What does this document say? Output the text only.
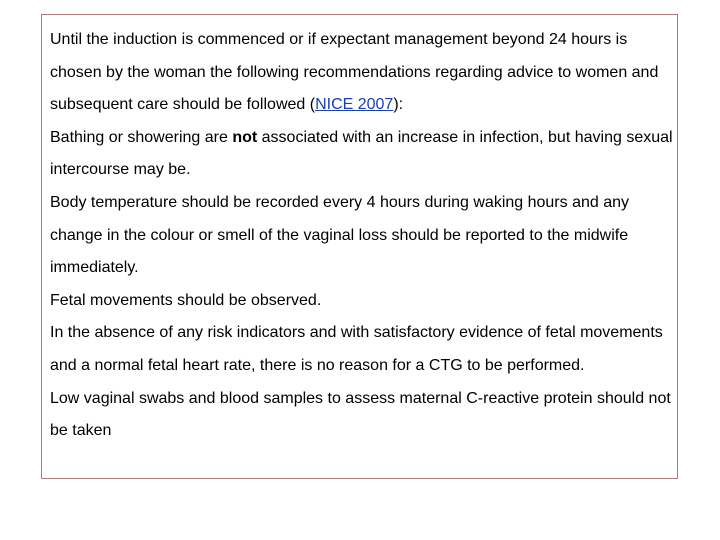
Until the induction is commenced or if expectant management beyond 24 hours is chosen by the woman the following recommendations regarding advice to women and subsequent care should be followed (NICE 2007):

Bathing or showering are not associated with an increase in infection, but having sexual intercourse may be.

Body temperature should be recorded every 4 hours during waking hours and any change in the colour or smell of the vaginal loss should be reported to the midwife immediately.

Fetal movements should be observed.

In the absence of any risk indicators and with satisfactory evidence of fetal movements and a normal fetal heart rate, there is no reason for a CTG to be performed.

Low vaginal swabs and blood samples to assess maternal C-reactive protein should not be taken
